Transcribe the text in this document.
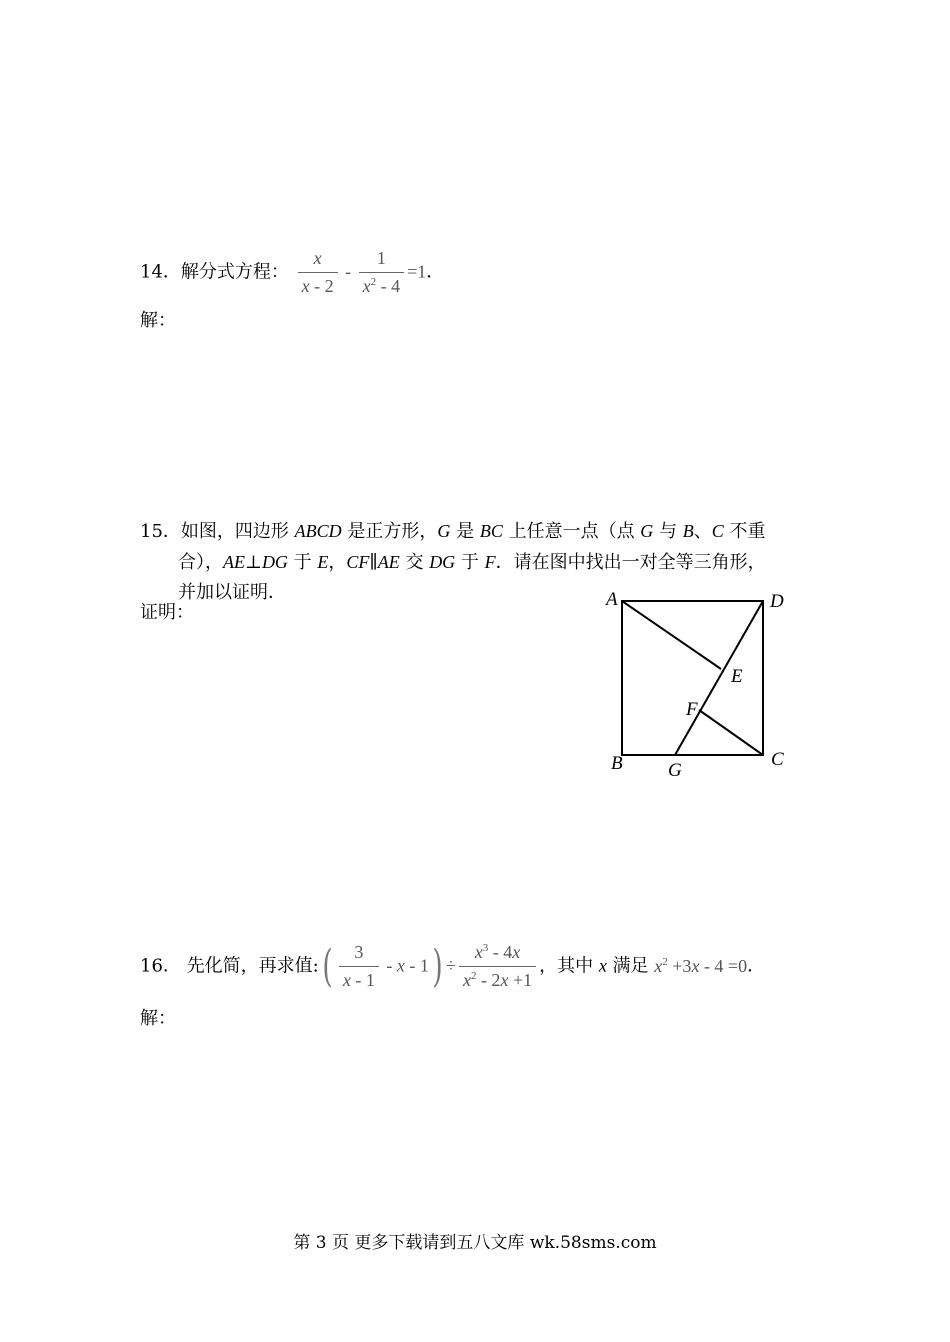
14．解分式方程： $\frac{x}{x - 2} - \frac{1}{x^2 - 4} =1$．
解：
15．如图，四边形 ABCD 是正方形，G 是 BC 上任意一点（点 G 与 B、C 不重
合），AE⊥DG 于 E，CF∥AE 交 DG 于 F．请在图中找出一对全等三角形，
并加以证明．
证明：
A	D
E
F
B G
C
16． 先化简，再求值:( $\frac{3}{x - 1} - x - 1) \div \frac{x^3 - 4x}{x^2 - 2x +1}$ ，其中 x 满足 $x^2 +3x - 4 =0$．
解：
第 3 页 更多下载请到五八文库 wk.58sms.com
